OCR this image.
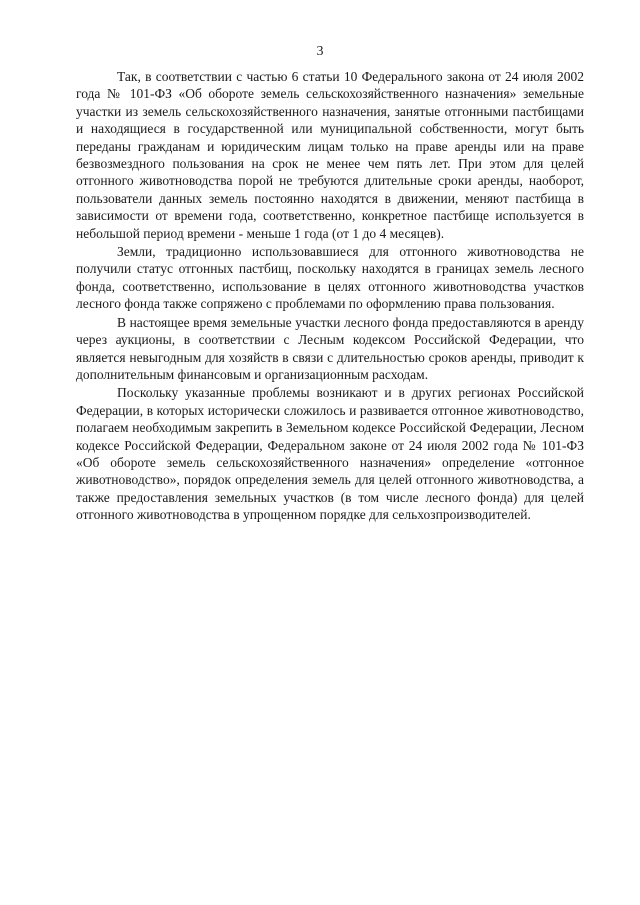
3

Так, в соответствии с частью 6 статьи 10 Федерального закона от 24 июля 2002 года № 101-ФЗ «Об обороте земель сельскохозяйственного назначения» земельные участки из земель сельскохозяйственного назначения, занятые отгонными пастбищами и находящиеся в государственной или муниципальной собственности, могут быть переданы гражданам и юридическим лицам только на праве аренды или на праве безвозмездного пользования на срок не менее чем пять лет. При этом для целей отгонного животноводства порой не требуются длительные сроки аренды, наоборот, пользователи данных земель постоянно находятся в движении, меняют пастбища в зависимости от времени года, соответственно, конкретное пастбище используется в небольшой период времени - меньше 1 года (от 1 до 4 месяцев).

Земли, традиционно использовавшиеся для отгонного животноводства не получили статус отгонных пастбищ, поскольку находятся в границах земель лесного фонда, соответственно, использование в целях отгонного животноводства участков лесного фонда также сопряжено с проблемами по оформлению права пользования.

В настоящее время земельные участки лесного фонда предоставляются в аренду через аукционы, в соответствии с Лесным кодексом Российской Федерации, что является невыгодным для хозяйств в связи с длительностью сроков аренды, приводит к дополнительным финансовым и организационным расходам.

Поскольку указанные проблемы возникают и в других регионах Российской Федерации, в которых исторически сложилось и развивается отгонное животноводство, полагаем необходимым закрепить в Земельном кодексе Российской Федерации, Лесном кодексе Российской Федерации, Федеральном законе от 24 июля 2002 года № 101-ФЗ «Об обороте земель сельскохозяйственного назначения» определение «отгонное животноводство», порядок определения земель для целей отгонного животноводства, а также предоставления земельных участков (в том числе лесного фонда) для целей отгонного животноводства в упрощенном порядке для сельхозпроизводителей.
